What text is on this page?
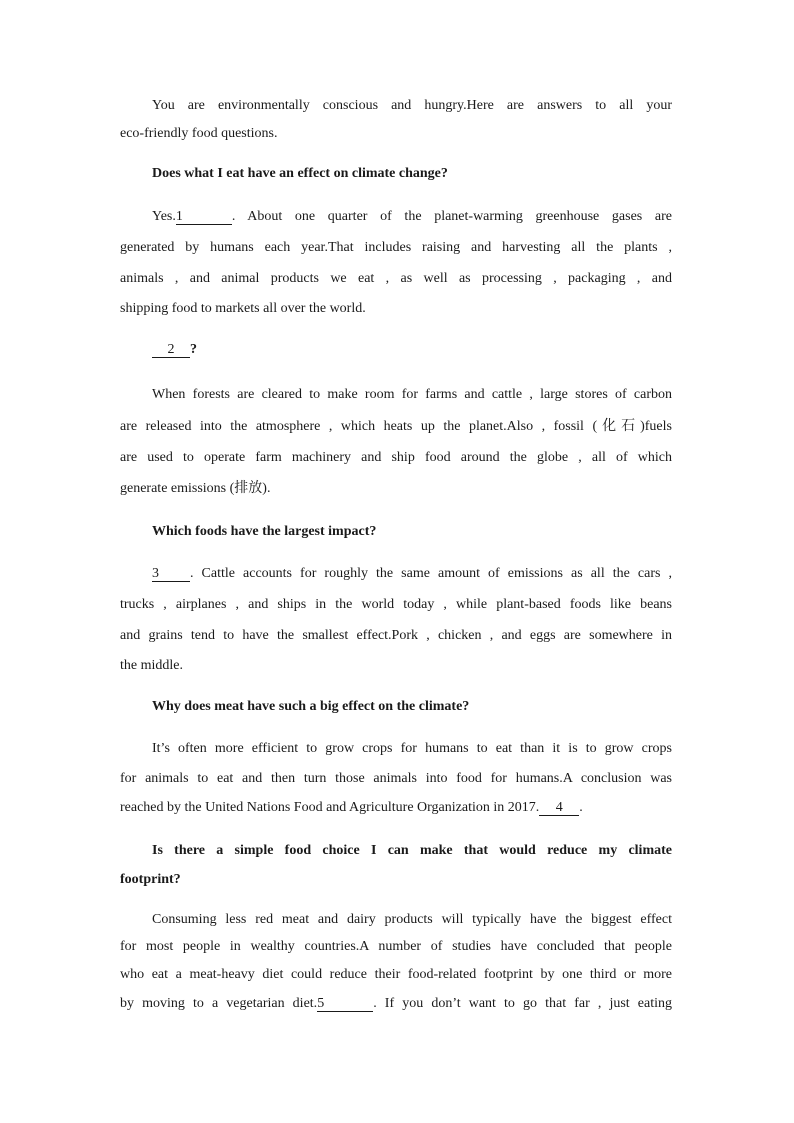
You are environmentally conscious and hungry.Here are answers to all your
eco-friendly food questions.
Does what I eat have an effect on climate change?
Yes.1	. About one quarter of the planet-warming greenhouse gases are
generated by humans each year.That includes raising and harvesting all the plants ,
animals , and animal products we eat , as well as processing , packaging , and
shipping food to markets all over the world.
2 ?
When forests are cleared to make room for farms and cattle , large stores of carbon
are released into the atmosphere , which heats up the planet.Also , fossil (化石)fuels
are used to operate farm machinery and ship food around the globe , all of which
generate emissions (排放).
Which foods have the largest impact?
3 . Cattle accounts for roughly the same amount of emissions as all the cars ,
trucks , airplanes , and ships in the world today , while plant-based foods like beans
and grains tend to have the smallest effect.Pork , chicken , and eggs are somewhere in
the middle.
Why does meat have such a big effect on the climate?
It’s often more efficient to grow crops for humans to eat than it is to grow crops
for animals to eat and then turn those animals into food for humans.A conclusion was
reached by the United Nations Food and Agriculture Organization in 2017. 4 .
Is there a simple food choice I can make that would reduce my climate
footprint?
Consuming less red meat and dairy products will typically have the biggest effect
for most people in wealthy countries.A number of studies have concluded that people
who eat a meat-heavy diet could reduce their food-related footprint by one third or more
by moving to a vegetarian diet.5	. If you don’t want to go that far , just eating
